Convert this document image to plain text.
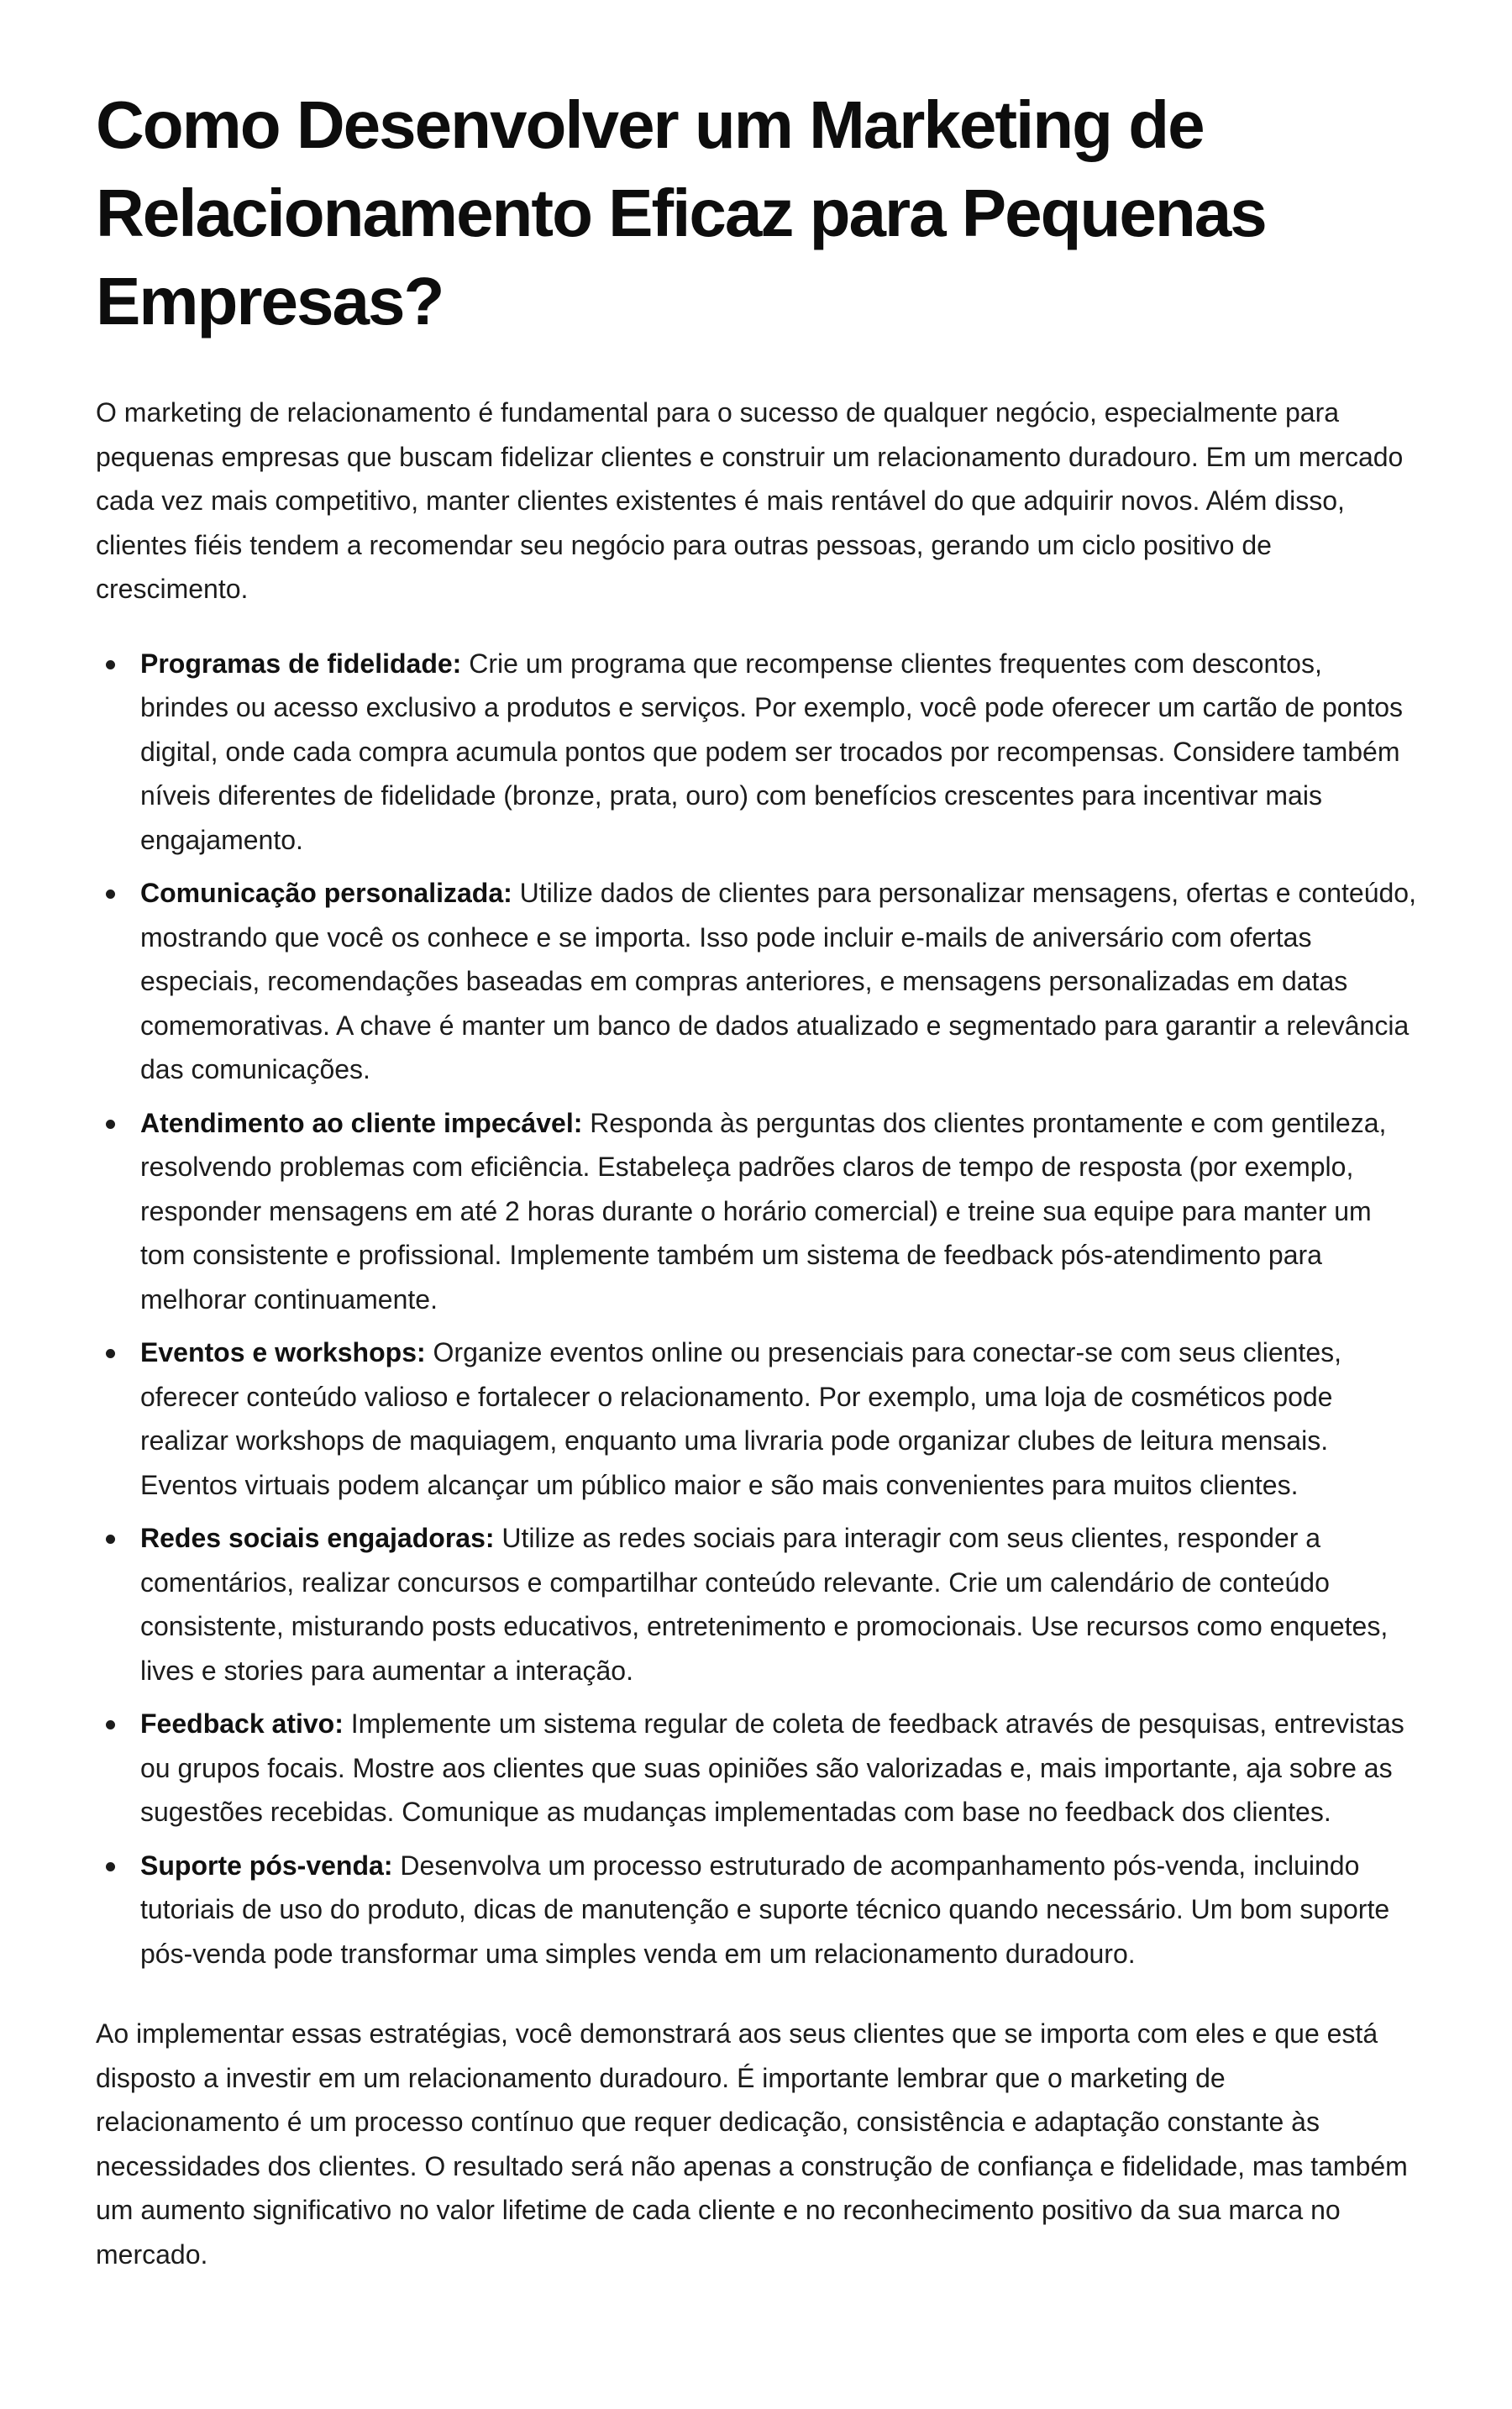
Como Desenvolver um Marketing de Relacionamento Eficaz para Pequenas Empresas?

O marketing de relacionamento é fundamental para o sucesso de qualquer negócio, especialmente para pequenas empresas que buscam fidelizar clientes e construir um relacionamento duradouro. Em um mercado cada vez mais competitivo, manter clientes existentes é mais rentável do que adquirir novos. Além disso, clientes fiéis tendem a recomendar seu negócio para outras pessoas, gerando um ciclo positivo de crescimento.

Programas de fidelidade: Crie um programa que recompense clientes frequentes com descontos, brindes ou acesso exclusivo a produtos e serviços. Por exemplo, você pode oferecer um cartão de pontos digital, onde cada compra acumula pontos que podem ser trocados por recompensas. Considere também níveis diferentes de fidelidade (bronze, prata, ouro) com benefícios crescentes para incentivar mais engajamento.
Comunicação personalizada: Utilize dados de clientes para personalizar mensagens, ofertas e conteúdo, mostrando que você os conhece e se importa. Isso pode incluir e-mails de aniversário com ofertas especiais, recomendações baseadas em compras anteriores, e mensagens personalizadas em datas comemorativas. A chave é manter um banco de dados atualizado e segmentado para garantir a relevância das comunicações.
Atendimento ao cliente impecável: Responda às perguntas dos clientes prontamente e com gentileza, resolvendo problemas com eficiência. Estabeleça padrões claros de tempo de resposta (por exemplo, responder mensagens em até 2 horas durante o horário comercial) e treine sua equipe para manter um tom consistente e profissional. Implemente também um sistema de feedback pós-atendimento para melhorar continuamente.
Eventos e workshops: Organize eventos online ou presenciais para conectar-se com seus clientes, oferecer conteúdo valioso e fortalecer o relacionamento. Por exemplo, uma loja de cosméticos pode realizar workshops de maquiagem, enquanto uma livraria pode organizar clubes de leitura mensais. Eventos virtuais podem alcançar um público maior e são mais convenientes para muitos clientes.
Redes sociais engajadoras: Utilize as redes sociais para interagir com seus clientes, responder a comentários, realizar concursos e compartilhar conteúdo relevante. Crie um calendário de conteúdo consistente, misturando posts educativos, entretenimento e promocionais. Use recursos como enquetes, lives e stories para aumentar a interação.
Feedback ativo: Implemente um sistema regular de coleta de feedback através de pesquisas, entrevistas ou grupos focais. Mostre aos clientes que suas opiniões são valorizadas e, mais importante, aja sobre as sugestões recebidas. Comunique as mudanças implementadas com base no feedback dos clientes.
Suporte pós-venda: Desenvolva um processo estruturado de acompanhamento pós-venda, incluindo tutoriais de uso do produto, dicas de manutenção e suporte técnico quando necessário. Um bom suporte pós-venda pode transformar uma simples venda em um relacionamento duradouro.

Ao implementar essas estratégias, você demonstrará aos seus clientes que se importa com eles e que está disposto a investir em um relacionamento duradouro. É importante lembrar que o marketing de relacionamento é um processo contínuo que requer dedicação, consistência e adaptação constante às necessidades dos clientes. O resultado será não apenas a construção de confiança e fidelidade, mas também um aumento significativo no valor lifetime de cada cliente e no reconhecimento positivo da sua marca no mercado.
